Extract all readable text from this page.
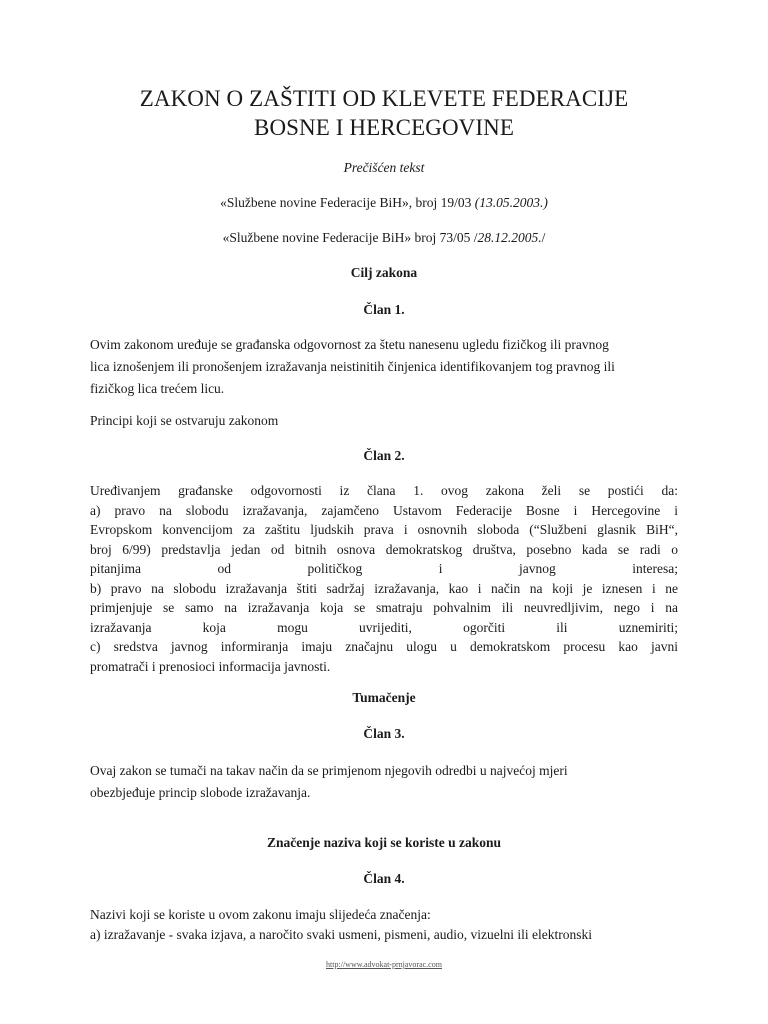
ZAKON O ZAŠTITI OD KLEVETE FEDERACIJE
BOSNE I HERCEGOVINE
Prečišćen tekst
«Službene novine Federacije BiH», broj 19/03 (13.05.2003.)
«Službene novine Federacije BiH» broj 73/05 /28.12.2005./
Cilj zakona
Član 1.
Ovim zakonom uređuje se građanska odgovornost za štetu nanesenu ugledu fizičkog ili pravnog
lica iznošenjem ili pronošenjem izražavanja neistinitih činjenica identifikovanjem tog pravnog ili
fizičkog lica trećem licu.
Principi koji se ostvaruju zakonom
Član 2.
Uređivanjem građanske odgovornosti iz člana 1. ovog zakona želi se postići da:
a) pravo na slobodu izražavanja, zajamčeno Ustavom Federacije Bosne i Hercegovine i
Evropskom konvencijom za zaštitu ljudskih prava i osnovnih sloboda (“Službeni glasnik BiH“,
broj 6/99) predstavlja jedan od bitnih osnova demokratskog društva, posebno kada se radi o
pitanjima od političkog i javnog interesa;
b) pravo na slobodu izražavanja štiti sadržaj izražavanja, kao i način na koji je iznesen i ne
primjenjuje se samo na izražavanja koja se smatraju pohvalnim ili neuvredljivim, nego i na
izražavanja koja mogu uvrijediti, ogorčiti ili uznemiriti;
c) sredstva javnog informiranja imaju značajnu ulogu u demokratskom procesu kao javni
promatrači i prenosioci informacija javnosti.
Tumačenje
Član 3.
Ovaj zakon se tumači na takav način da se primjenom njegovih odredbi u najvećoj mjeri
obezbjeđuje princip slobode izražavanja.
Značenje naziva koji se koriste u zakonu
Član 4.
Nazivi koji se koriste u ovom zakonu imaju slijedeća značenja:
a) izražavanje - svaka izjava, a naročito svaki usmeni, pismeni, audio, vizuelni ili elektronski
http://www.advokat-prnjavorac.com
